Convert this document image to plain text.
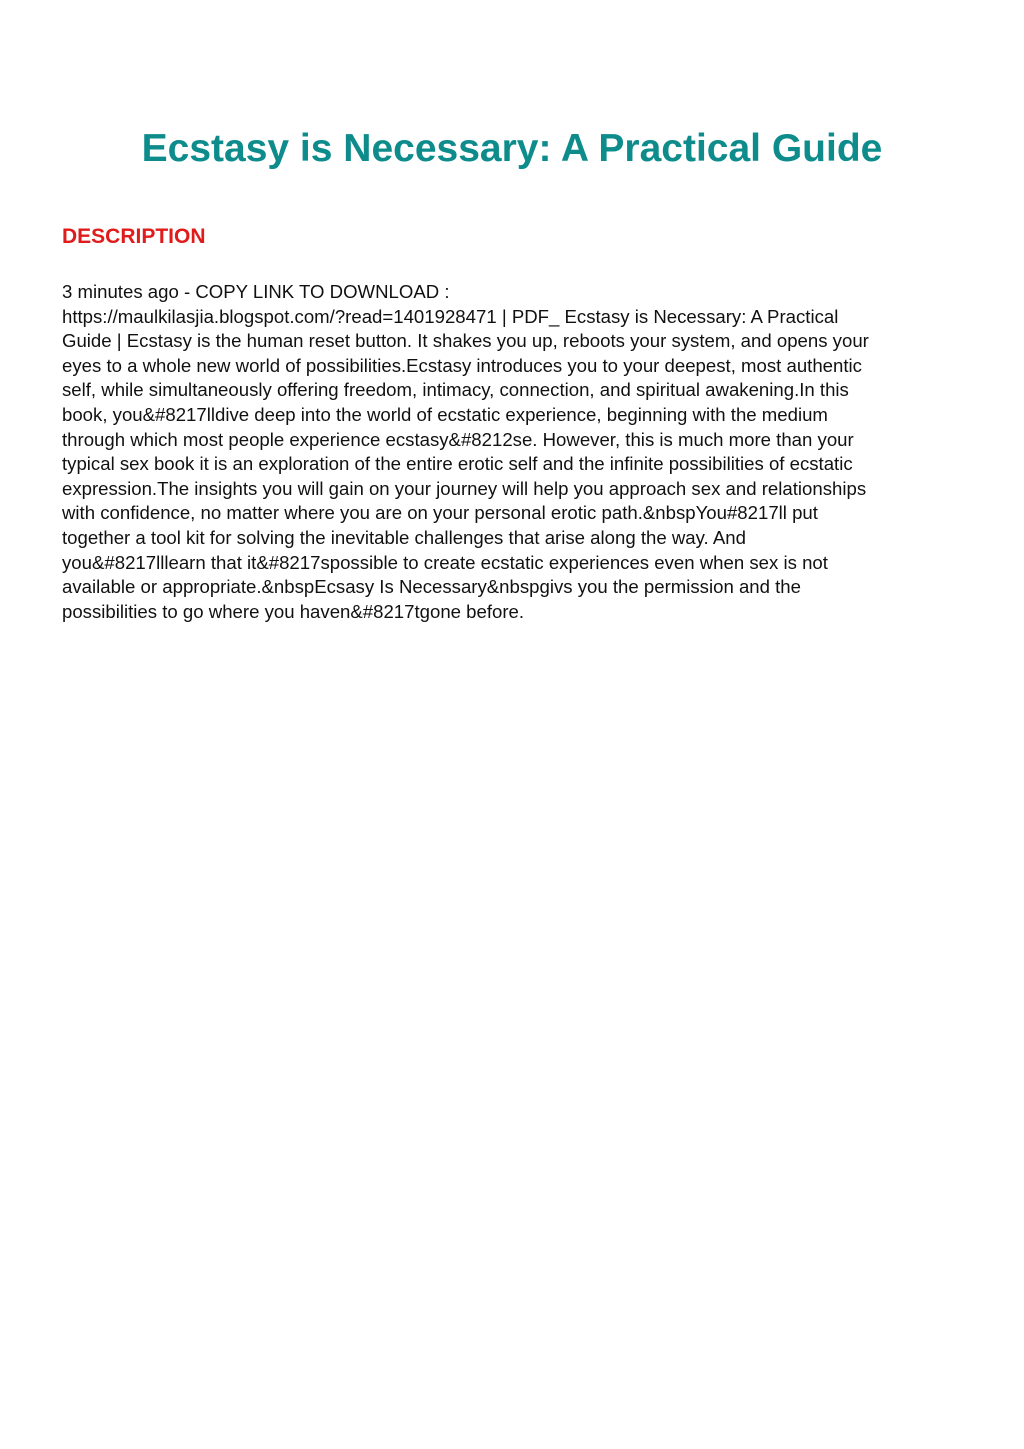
Ecstasy is Necessary: A Practical Guide
DESCRIPTION
3 minutes ago - COPY LINK TO DOWNLOAD :
https://maulkilasjia.blogspot.com/?read=1401928471 | PDF_ Ecstasy is Necessary: A Practical
Guide | Ecstasy is the human reset button. It shakes you up, reboots your system, and opens your
eyes to a whole new world of possibilities.Ecstasy introduces you to your deepest, most authentic
self, while simultaneously offering freedom, intimacy, connection, and spiritual awakening.In this
book, you&#8217lldive deep into the world of ecstatic experience, beginning with the medium
through which most people experience ecstasy&#8212se. However, this is much more than your
typical sex book it is an exploration of the entire erotic self and the infinite possibilities of ecstatic
expression.The insights you will gain on your journey will help you approach sex and relationships
with confidence, no matter where you are on your personal erotic path.&nbspYou#8217ll put
together a tool kit for solving the inevitable challenges that arise along the way. And
you&#8217lllearn that it&#8217spossible to create ecstatic experiences even when sex is not
available or appropriate.&nbspEcsasy Is Necessary&nbspgivs you the permission and the
possibilities to go where you haven&#8217tgone before.
